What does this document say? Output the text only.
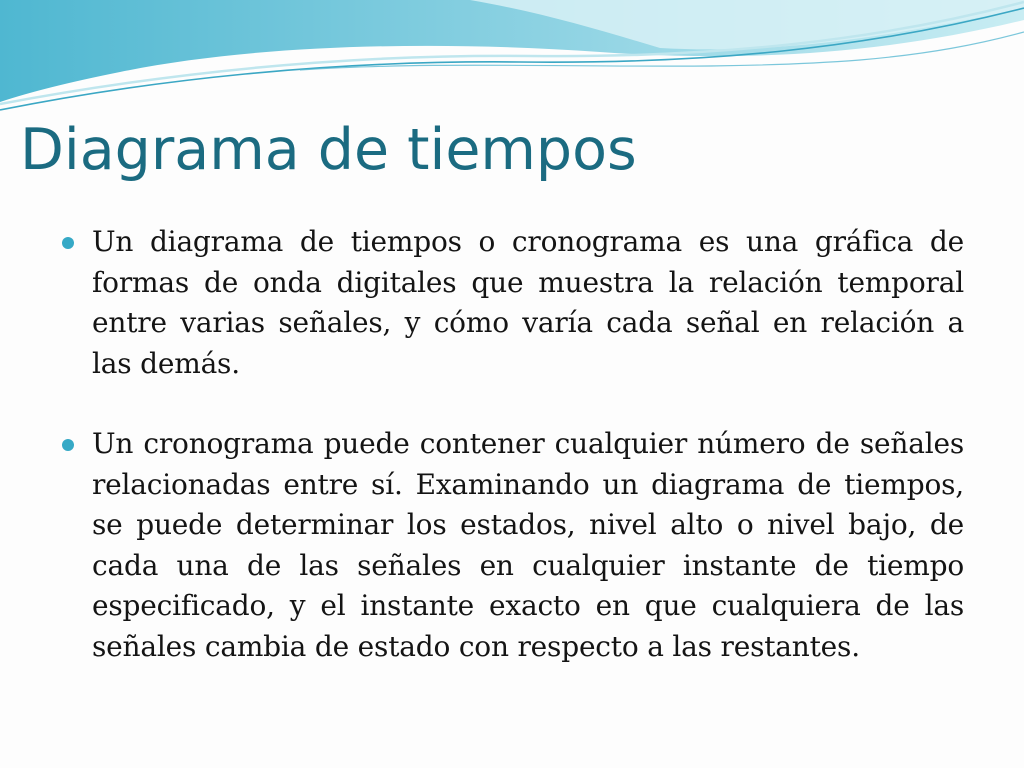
Diagrama de tiempos
Un diagrama de tiempos o cronograma es una gráfica de formas de onda digitales que muestra la relación temporal entre varias señales, y cómo varía cada señal en relación a las demás.
Un cronograma puede contener cualquier número de señales relacionadas entre sí. Examinando un diagrama de tiempos, se puede determinar los estados, nivel alto o nivel bajo, de cada una de las señales en cualquier instante de tiempo especificado, y el instante exacto en que cualquiera de las señales cambia de estado con respecto a las restantes.
